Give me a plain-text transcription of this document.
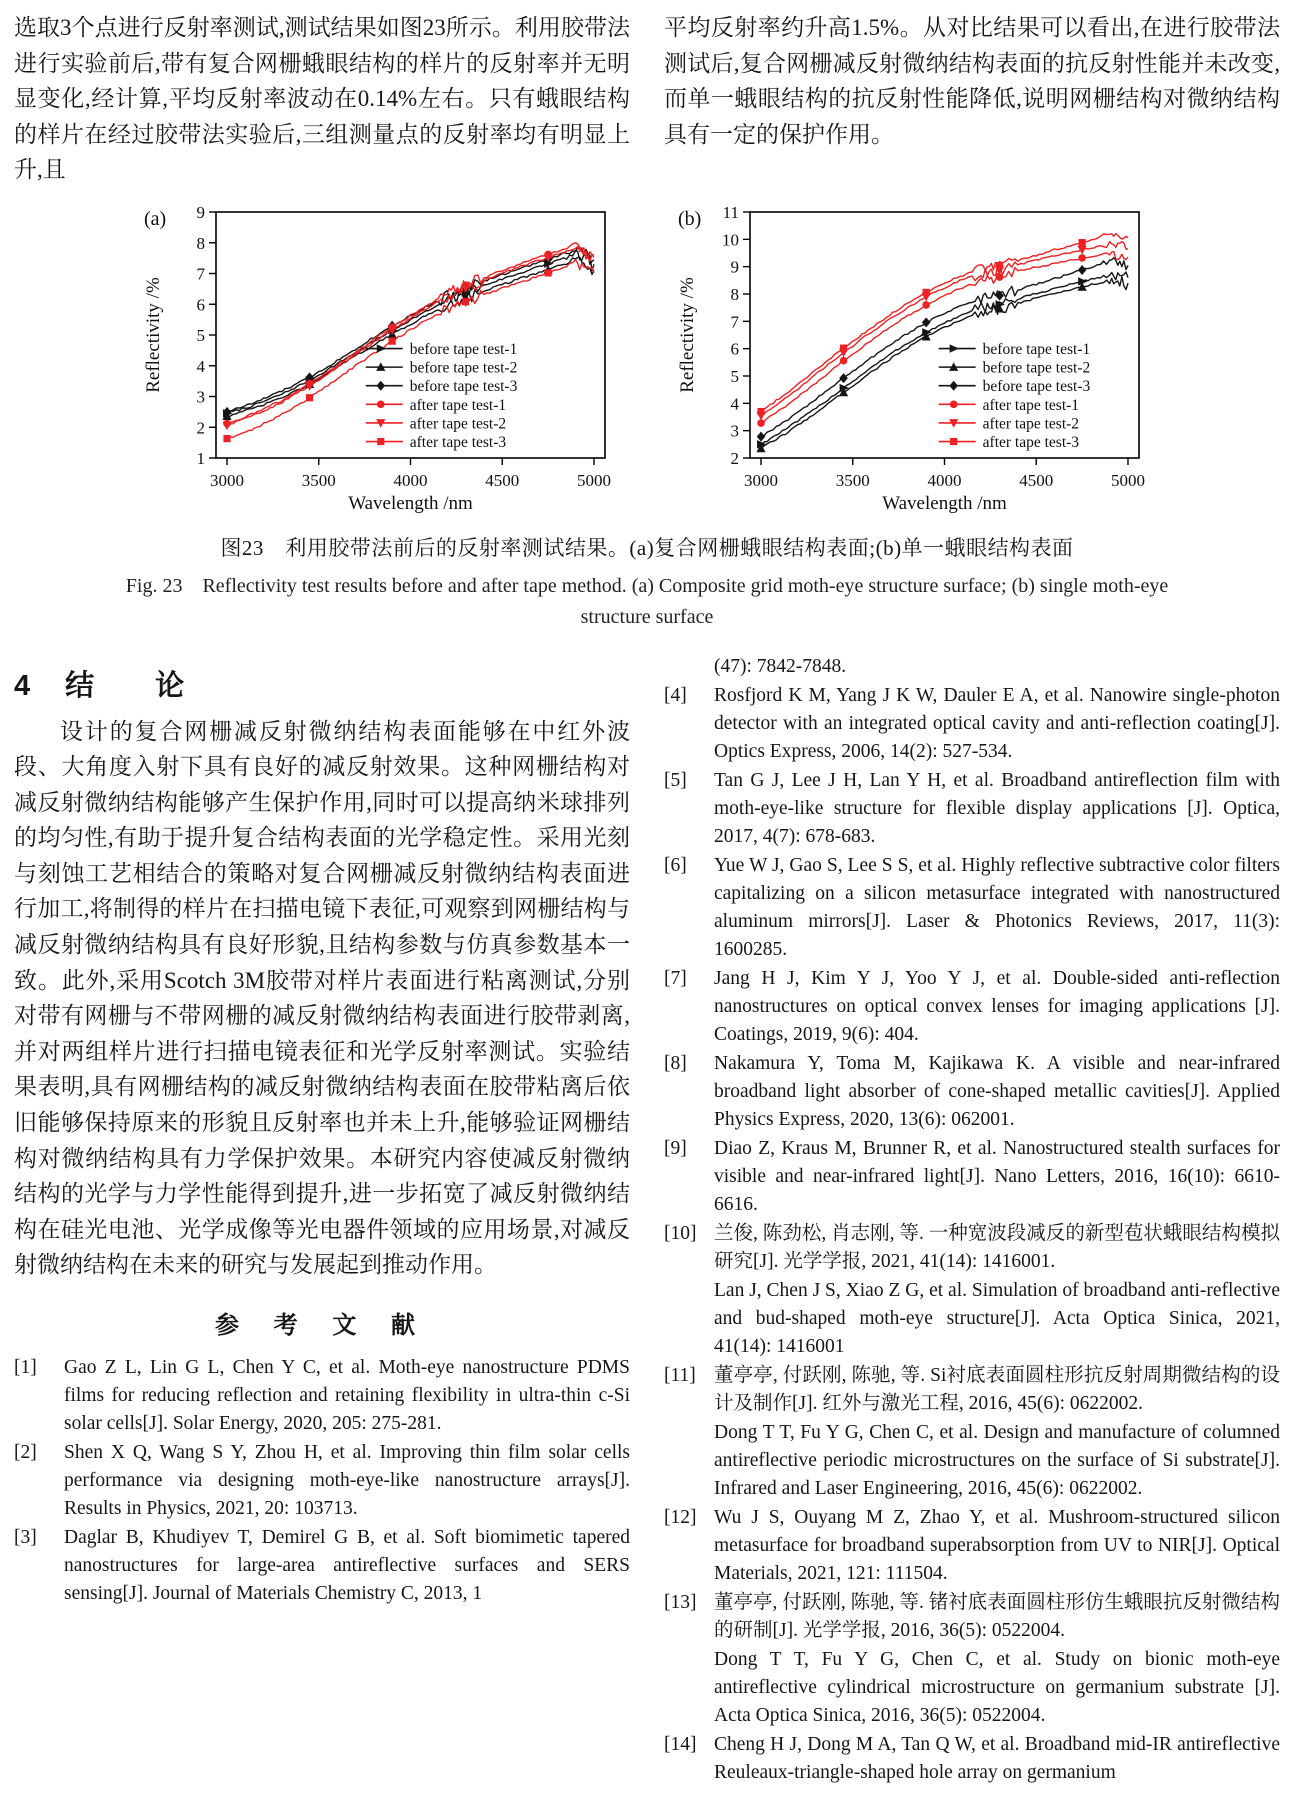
选取3个点进行反射率测试,测试结果如图23所示。利用胶带法进行实验前后,带有复合网栅蛾眼结构的样片的反射率并无明显变化,经计算,平均反射率波动在0.14%左右。只有蛾眼结构的样片在经过胶带法实验后,三组测量点的反射率均有明显上升,且
平均反射率约升高1.5%。从对比结果可以看出,在进行胶带法测试后,复合网栅减反射微纳结构表面的抗反射性能并未改变,而单一蛾眼结构的抗反射性能降低,说明网栅结构对微纳结构具有一定的保护作用。
1
2
3
4
5
6
7
8
9
3000	3500	4000	4500	5000
Wavelength /nm
Reflectivity /%
(a)
before tape test-1
before tape test-2
before tape test-3
after tape test-1
after tape test-2
after tape test-3
2
3
4
5
6
7
8
9
10
11
3000	3500	4000	4500	5000
Wavelength /nm
Reflectivity /%
(b)
before tape test-1
before tape test-2
before tape test-3
after tape test-1
after tape test-2
after tape test-3
图23　利用胶带法前后的反射率测试结果。(a)复合网栅蛾眼结构表面;(b)单一蛾眼结构表面
Fig. 23　Reflectivity test results before and after tape method. (a) Composite grid moth-eye structure surface; (b) single moth-eye
structure surface
4 结　　论
设计的复合网栅减反射微纳结构表面能够在中红外波段、大角度入射下具有良好的减反射效果。这种网栅结构对减反射微纳结构能够产生保护作用,同时可以提高纳米球排列的均匀性,有助于提升复合结构表面的光学稳定性。采用光刻与刻蚀工艺相结合的策略对复合网栅减反射微纳结构表面进行加工,将制得的样片在扫描电镜下表征,可观察到网栅结构与减反射微纳结构具有良好形貌,且结构参数与仿真参数基本一致。此外,采用Scotch 3M胶带对样片表面进行粘离测试,分别对带有网栅与不带网栅的减反射微纳结构表面进行胶带剥离,并对两组样片进行扫描电镜表征和光学反射率测试。实验结果表明,具有网栅结构的减反射微纳结构表面在胶带粘离后依旧能够保持原来的形貌且反射率也并未上升,能够验证网栅结构对微纳结构具有力学保护效果。本研究内容使减反射微纳结构的光学与力学性能得到提升,进一步拓宽了减反射微纳结构在硅光电池、光学成像等光电器件领域的应用场景,对减反射微纳结构在未来的研究与发展起到推动作用。
参 考 文 献
[1]	Gao Z L, Lin G L, Chen Y C, et al. Moth-eye nanostructure PDMS films for reducing reflection and retaining flexibility in ultra-thin c-Si solar cells[J]. Solar Energy, 2020, 205: 275-281.
[2]	Shen X Q, Wang S Y, Zhou H, et al. Improving thin film solar cells performance via designing moth-eye-like nanostructure arrays[J]. Results in Physics, 2021, 20: 103713.
[3]	Daglar B, Khudiyev T, Demirel G B, et al. Soft biomimetic tapered nanostructures for large-area antireflective surfaces and SERS sensing[J]. Journal of Materials Chemistry C, 2013, 1
(47): 7842-7848.
[4]	Rosfjord K M, Yang J K W, Dauler E A, et al. Nanowire single-photon detector with an integrated optical cavity and anti-reflection coating[J]. Optics Express, 2006, 14(2): 527-534.
[5]	Tan G J, Lee J H, Lan Y H, et al. Broadband antireflection film with moth-eye-like structure for flexible display applications [J]. Optica, 2017, 4(7): 678-683.
[6]	Yue W J, Gao S, Lee S S, et al. Highly reflective subtractive color filters capitalizing on a silicon metasurface integrated with nanostructured aluminum mirrors[J]. Laser & Photonics Reviews, 2017, 11(3): 1600285.
[7]	Jang H J, Kim Y J, Yoo Y J, et al. Double-sided anti-reflection nanostructures on optical convex lenses for imaging applications [J]. Coatings, 2019, 9(6): 404.
[8]	Nakamura Y, Toma M, Kajikawa K. A visible and near-infrared broadband light absorber of cone-shaped metallic cavities[J]. Applied Physics Express, 2020, 13(6): 062001.
[9]	Diao Z, Kraus M, Brunner R, et al. Nanostructured stealth surfaces for visible and near-infrared light[J]. Nano Letters, 2016, 16(10): 6610-6616.
[10] 兰俊, 陈劲松, 肖志刚, 等. 一种宽波段减反的新型苞状蛾眼结构模拟研究[J]. 光学学报, 2021, 41(14): 1416001.
Lan J, Chen J S, Xiao Z G, et al. Simulation of broadband anti-reflective and bud-shaped moth-eye structure[J]. Acta Optica Sinica, 2021, 41(14): 1416001
[11] 董亭亭, 付跃刚, 陈驰, 等. Si衬底表面圆柱形抗反射周期微结构的设计及制作[J]. 红外与激光工程, 2016, 45(6): 0622002.
Dong T T, Fu Y G, Chen C, et al. Design and manufacture of columned antireflective periodic microstructures on the surface of Si substrate[J]. Infrared and Laser Engineering, 2016, 45(6): 0622002.
[12] Wu J S, Ouyang M Z, Zhao Y, et al. Mushroom-structured silicon metasurface for broadband superabsorption from UV to NIR[J]. Optical Materials, 2021, 121: 111504.
[13] 董亭亭, 付跃刚, 陈驰, 等. 锗衬底表面圆柱形仿生蛾眼抗反射微结构的研制[J]. 光学学报, 2016, 36(5): 0522004.
Dong T T, Fu Y G, Chen C, et al. Study on bionic moth-eye antireflective cylindrical microstructure on germanium substrate [J]. Acta Optica Sinica, 2016, 36(5): 0522004.
[14] Cheng H J, Dong M A, Tan Q W, et al. Broadband mid-IR antireflective Reuleaux-triangle-shaped hole array on germanium
